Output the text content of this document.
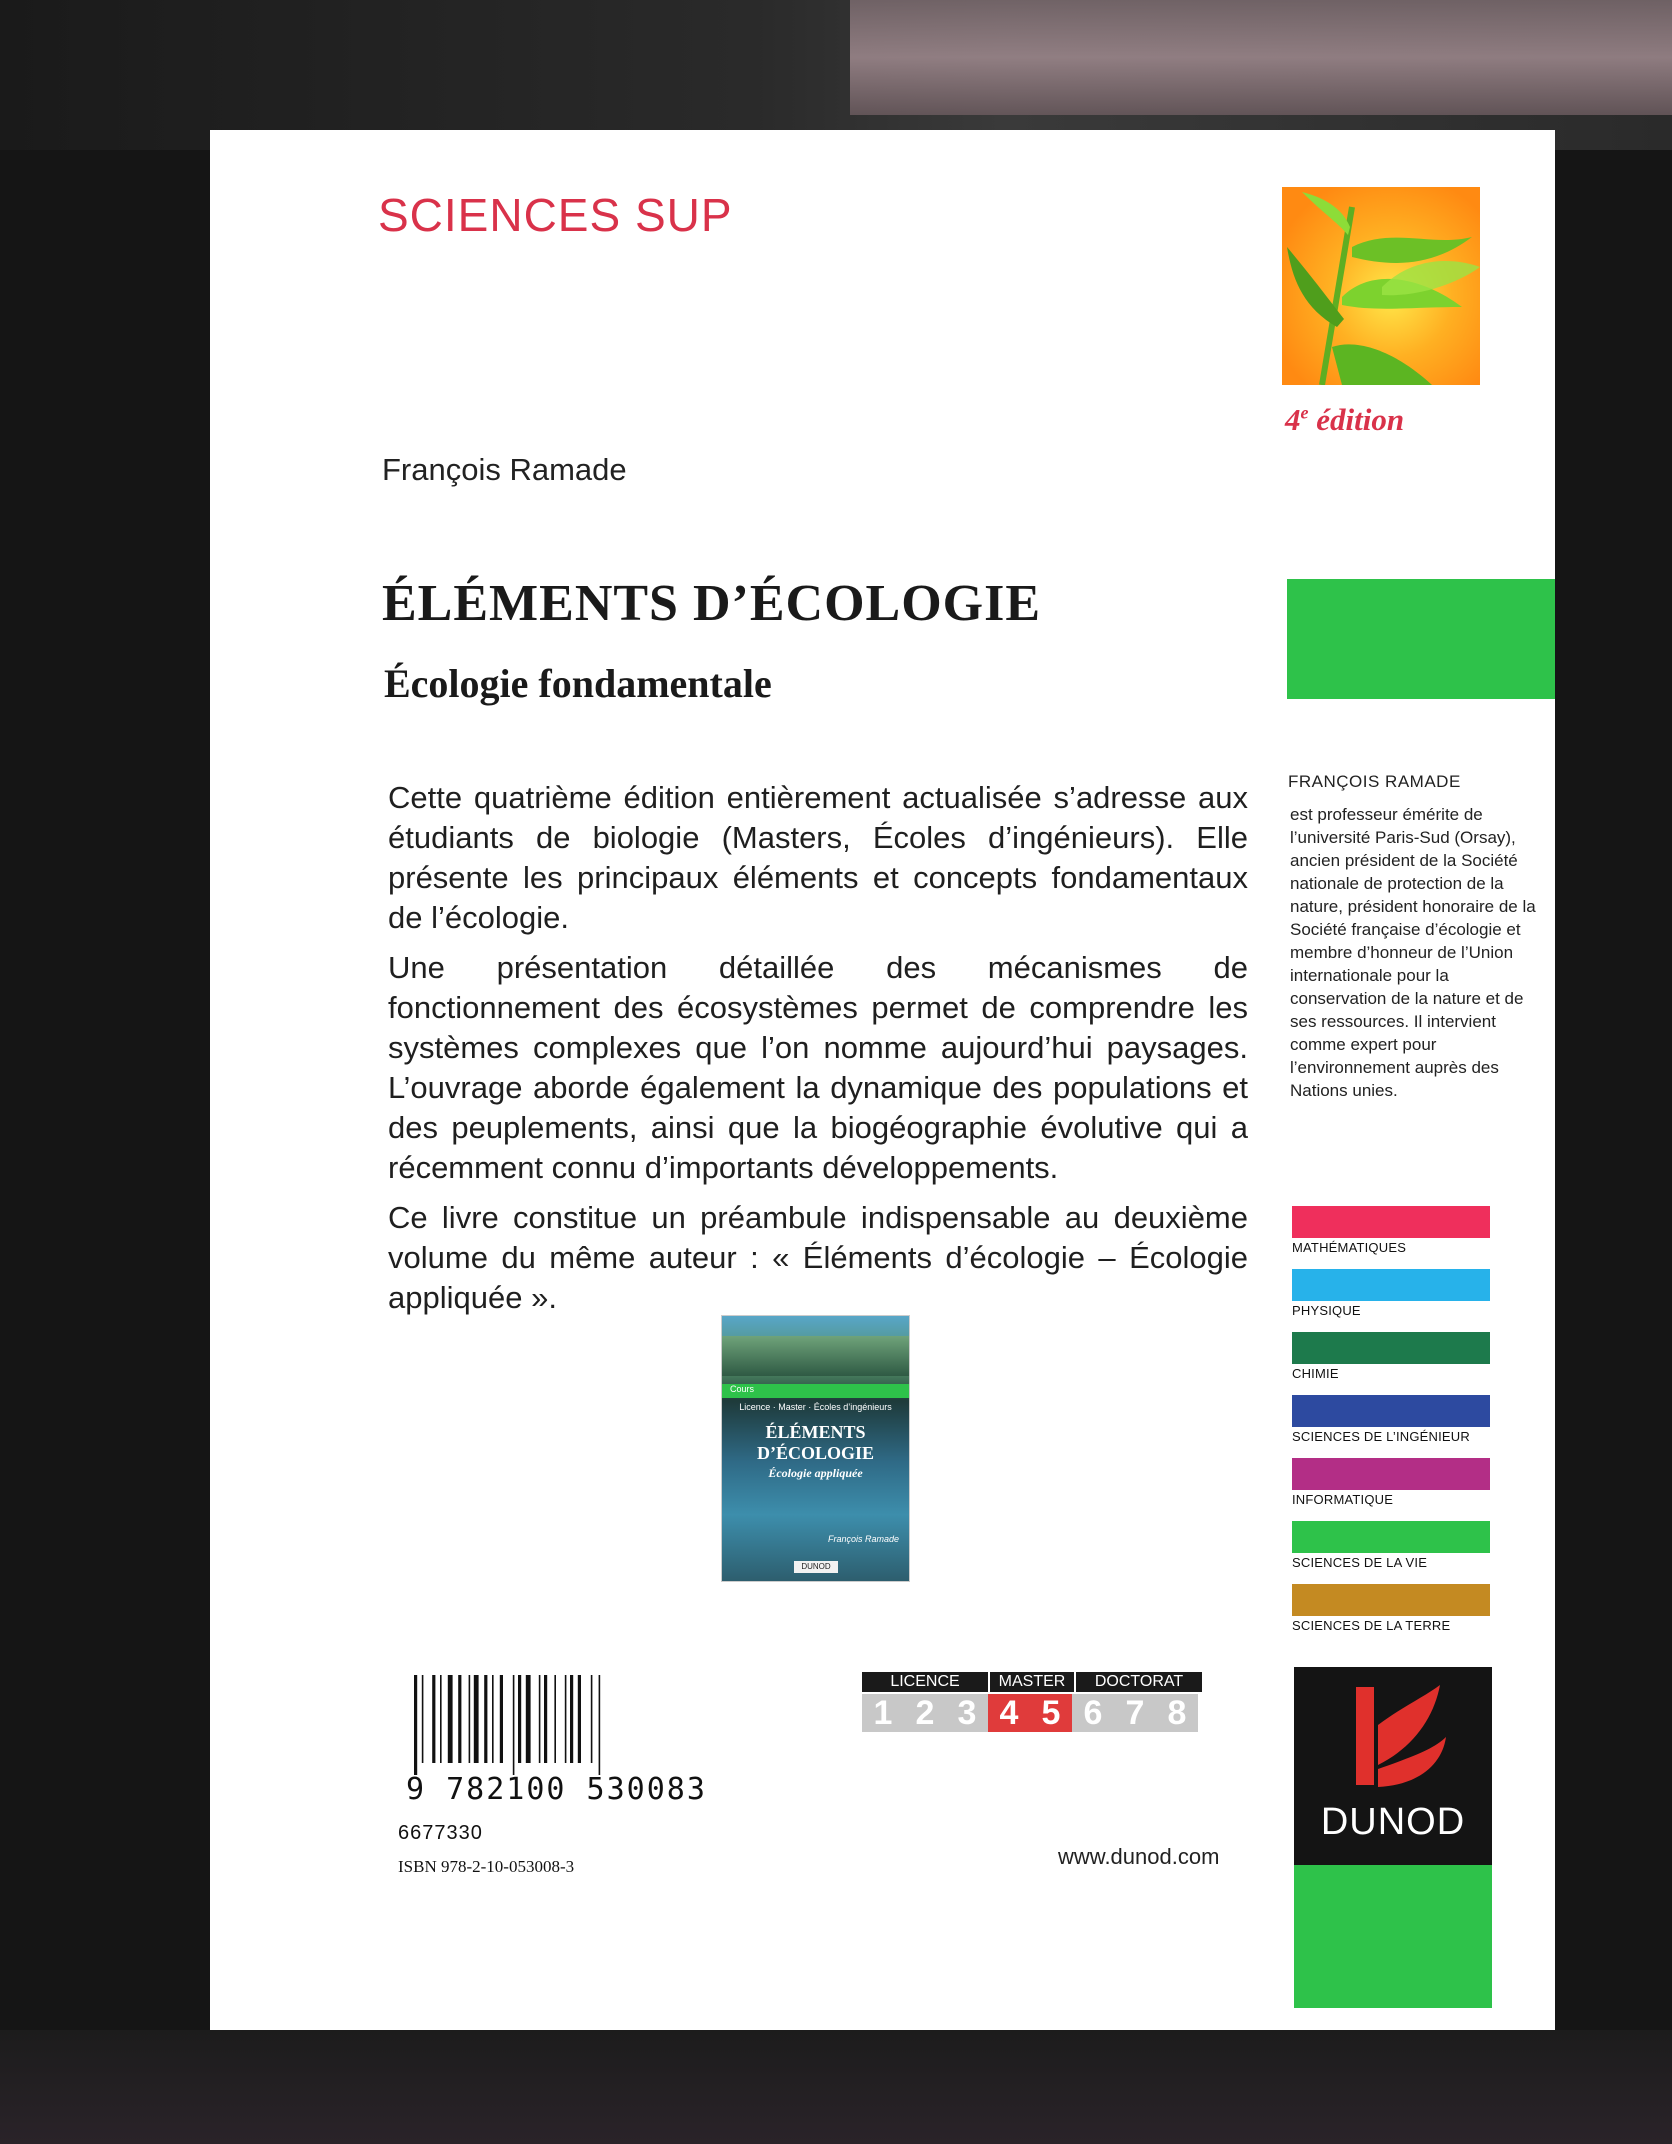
SCIENCES SUP
4e édition
François Ramade
ÉLÉMENTS D’ÉCOLOGIE
Écologie fondamentale

Cette quatrième édition entièrement actualisée s’adresse aux étudiants de biologie (Masters, Écoles d’ingénieurs). Elle présente les principaux éléments et concepts fondamentaux de l’écologie.

Une présentation détaillée des mécanismes de fonctionnement des écosystèmes permet de comprendre les systèmes complexes que l’on nomme aujourd’hui paysages. L’ouvrage aborde également la dynamique des populations et des peuplements, ainsi que la biogéographie évolutive qui a récemment connu d’importants développements.

Ce livre constitue un préambule indispensable au deuxième volume du même auteur : « Éléments d’écologie – Écologie appliquée ».

FRANÇOIS RAMADE
est professeur émérite de l’université Paris-Sud (Orsay), ancien président de la Société nationale de protection de la nature, président honoraire de la Société française d’écologie et membre d’honneur de l’Union internationale pour la conservation de la nature et de ses ressources. Il intervient comme expert pour l’environnement auprès des Nations unies.
MATHÉMATIQUES
PHYSIQUE
CHIMIE
SCIENCES DE L’INGÉNIEUR
INFORMATIQUE
SCIENCES DE LA VIE
SCIENCES DE LA TERRE
Cours
Licence · Master · Écoles d’ingénieurs
ÉLÉMENTS
D’ÉCOLOGIE
Écologie appliquée
François Ramade
DUNOD
9 782100 530083
6677330
ISBN 978-2-10-053008-3
LICENCE	MASTER	DOCTORAT
1 2 3 4 5 6 7 8
www.dunod.com
DUNOD
